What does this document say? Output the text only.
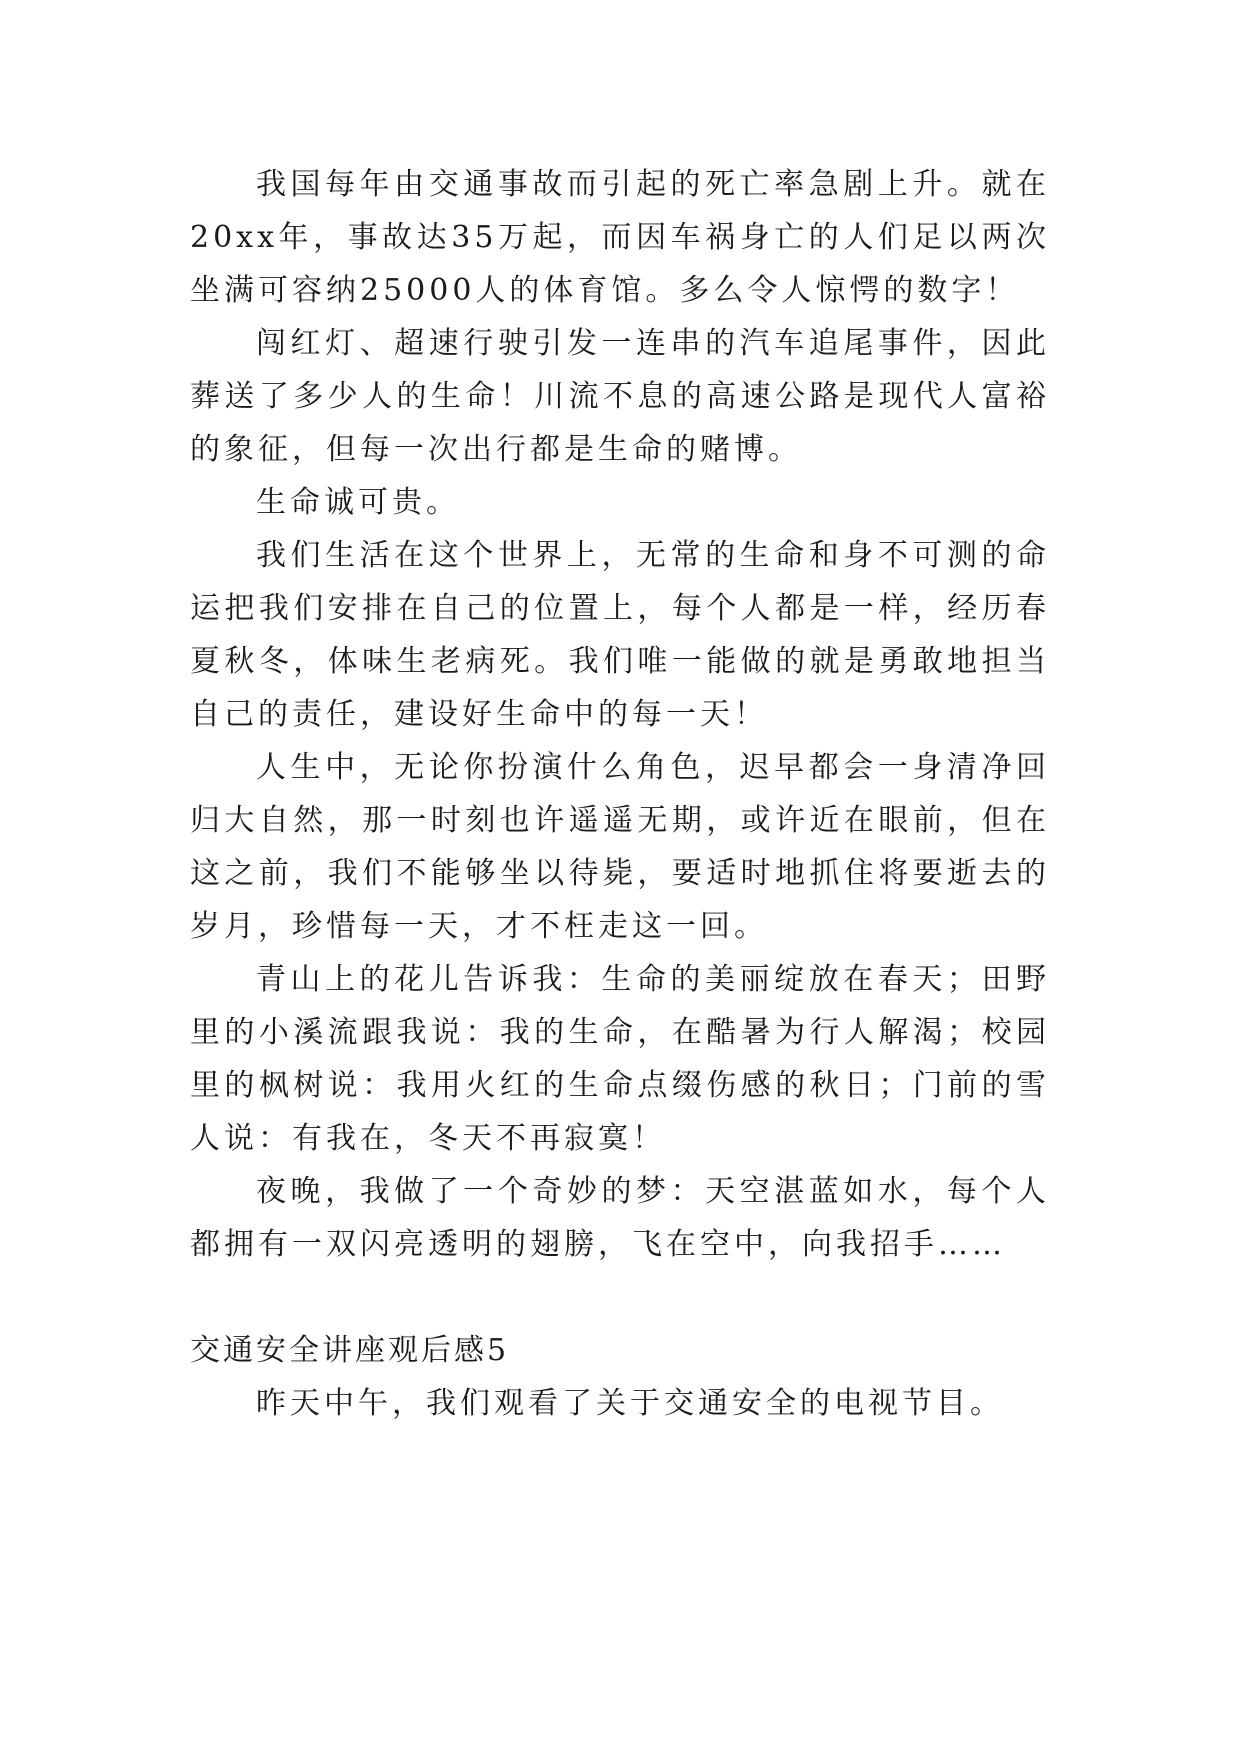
我国每年由交通事故而引起的死亡率急剧上升。就在20xx年，事故达35万起，而因车祸身亡的人们足以两次坐满可容纳25000人的体育馆。多么令人惊愕的数字！

闯红灯、超速行驶引发一连串的汽车追尾事件，因此葬送了多少人的生命！川流不息的高速公路是现代人富裕的象征，但每一次出行都是生命的赌博。

生命诚可贵。

我们生活在这个世界上，无常的生命和身不可测的命运把我们安排在自己的位置上，每个人都是一样，经历春夏秋冬，体味生老病死。我们唯一能做的就是勇敢地担当自己的责任，建设好生命中的每一天！

人生中，无论你扮演什么角色，迟早都会一身清净回归大自然，那一时刻也许遥遥无期，或许近在眼前，但在这之前，我们不能够坐以待毙，要适时地抓住将要逝去的岁月，珍惜每一天，才不枉走这一回。

青山上的花儿告诉我：生命的美丽绽放在春天；田野里的小溪流跟我说：我的生命，在酷暑为行人解渴；校园里的枫树说：我用火红的生命点缀伤感的秋日；门前的雪人说：有我在，冬天不再寂寞！

夜晚，我做了一个奇妙的梦：天空湛蓝如水，每个人都拥有一双闪亮透明的翅膀，飞在空中，向我招手……

交通安全讲座观后感5

昨天中午，我们观看了关于交通安全的电视节目。
